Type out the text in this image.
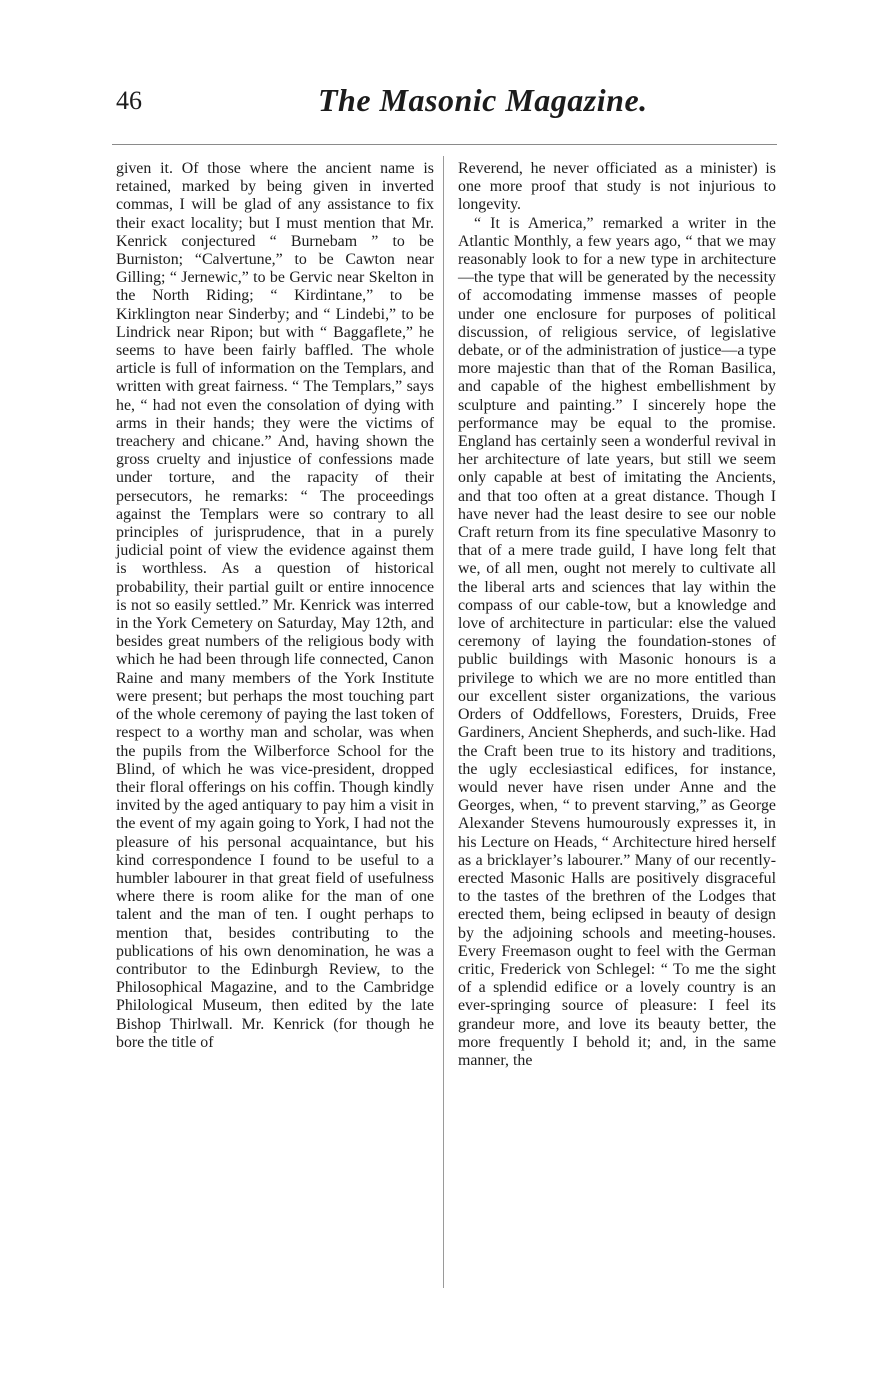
46	The Masonic Magazine.

given it. Of those where the ancient name is retained, marked by being given in inverted commas, I will be glad of any assistance to fix their exact locality; but I must mention that Mr. Kenrick conjectured “ Burnebam ” to be Burniston; “Calvertune,” to be Cawton near Gilling; “ Jernewic,” to be Gervic near Skelton in the North Riding; “ Kirdintane,” to be Kirklington near Sinderby; and “ Lindebi,” to be Lindrick near Ripon; but with “ Baggaflete,” he seems to have been fairly baffled. The whole article is full of information on the Templars, and written with great fairness. “ The Templars,” says he, “ had not even the consolation of dying with arms in their hands; they were the victims of treachery and chicane.” And, having shown the gross cruelty and injustice of confessions made under torture, and the rapacity of their persecutors, he remarks: “ The proceedings against the Templars were so contrary to all principles of jurisprudence, that in a purely judicial point of view the evidence against them is worthless. As a question of historical probability, their partial guilt or entire innocence is not so easily settled.” Mr. Kenrick was interred in the York Cemetery on Saturday, May 12th, and besides great numbers of the religious body with which he had been through life connected, Canon Raine and many members of the York Institute were present; but perhaps the most touching part of the whole ceremony of paying the last token of respect to a worthy man and scholar, was when the pupils from the Wilberforce School for the Blind, of which he was vice-president, dropped their floral offerings on his coffin. Though kindly invited by the aged antiquary to pay him a visit in the event of my again going to York, I had not the pleasure of his personal acquaintance, but his kind correspondence I found to be useful to a humbler labourer in that great field of usefulness where there is room alike for the man of one talent and the man of ten. I ought perhaps to mention that, besides contributing to the publications of his own denomination, he was a contributor to the Edinburgh Review, to the Philosophical Magazine, and to the Cambridge Philological Museum, then edited by the late Bishop Thirlwall. Mr. Kenrick (for though he bore the title of

Reverend, he never officiated as a minister) is one more proof that study is not injurious to longevity.

“ It is America,” remarked a writer in the Atlantic Monthly, a few years ago, “ that we may reasonably look to for a new type in architecture—the type that will be generated by the necessity of accomodating immense masses of people under one enclosure for purposes of political discussion, of religious service, of legislative debate, or of the administration of justice—a type more majestic than that of the Roman Basilica, and capable of the highest embellishment by sculpture and painting.” I sincerely hope the performance may be equal to the promise. England has certainly seen a wonderful revival in her architecture of late years, but still we seem only capable at best of imitating the Ancients, and that too often at a great distance. Though I have never had the least desire to see our noble Craft return from its fine speculative Masonry to that of a mere trade guild, I have long felt that we, of all men, ought not merely to cultivate all the liberal arts and sciences that lay within the compass of our cable-tow, but a knowledge and love of architecture in particular: else the valued ceremony of laying the foundation-stones of public buildings with Masonic honours is a privilege to which we are no more entitled than our excellent sister organizations, the various Orders of Oddfellows, Foresters, Druids, Free Gardiners, Ancient Shepherds, and such-like. Had the Craft been true to its history and traditions, the ugly ecclesiastical edifices, for instance, would never have risen under Anne and the Georges, when, “ to prevent starving,” as George Alexander Stevens humourously expresses it, in his Lecture on Heads, “ Architecture hired herself as a bricklayer’s labourer.” Many of our recently-erected Masonic Halls are positively disgraceful to the tastes of the brethren of the Lodges that erected them, being eclipsed in beauty of design by the adjoining schools and meeting-houses. Every Freemason ought to feel with the German critic, Frederick von Schlegel: “ To me the sight of a splendid edifice or a lovely country is an ever-springing source of pleasure: I feel its grandeur more, and love its beauty better, the more frequently I behold it; and, in the same manner, the
